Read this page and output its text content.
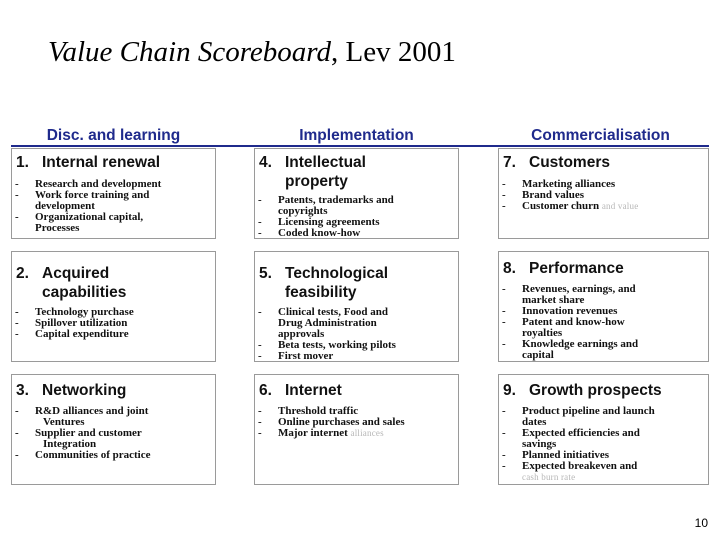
Value Chain Scoreboard, Lev 2001
Disc. and learning	Implementation	Commercialisation
1. Internal renewal
- Research and development
- Work force training and
development
- Organizational capital,
Processes
4. Intellectual
property
- Patents, trademarks and
copyrights
- Licensing agreements
- Coded know-how
7. Customers
- Marketing alliances
- Brand values
- Customer churn and value
2. Acquired
capabilities
- Technology purchase
- Spillover utilization
- Capital expenditure
5. Technological
feasibility
- Clinical tests, Food and
Drug Administration
approvals
- Beta tests, working pilots
- First mover
8. Performance
- Revenues, earnings, and
market share
- Innovation revenues
- Patent and know-how
royalties
- Knowledge earnings and
capital
3. Networking
- R&D alliances and joint
Ventures
- Supplier and customer
Integration
- Communities of practice
6. Internet
- Threshold traffic
- Online purchases and sales
- Major internet alliances
9. Growth prospects
- Product pipeline and launch
dates
- Expected efficiencies and
savings
- Planned initiatives
- Expected breakeven and
cash burn rate
10
